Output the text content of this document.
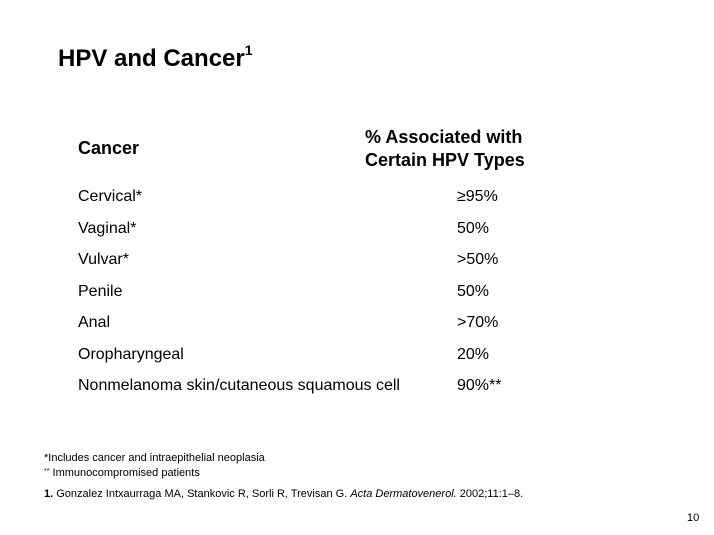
HPV and Cancer$^1$
Cancer
% Associated with
Certain HPV Types
Cervical*	≥95%
Vaginal*	50%
Vulvar*	>50%
Penile	50%
Anal	>70%
Oropharyngeal	20%
Nonmelanoma skin/cutaneous squamous cell	90%**
*Includes cancer and intraepithelial neoplasia
** Immunocompromised patients
1. Gonzalez Intxaurraga MA, Stankovic R, Sorli R, Trevisan G. Acta Dermatovenerol. 2002;11:1–8.
10
